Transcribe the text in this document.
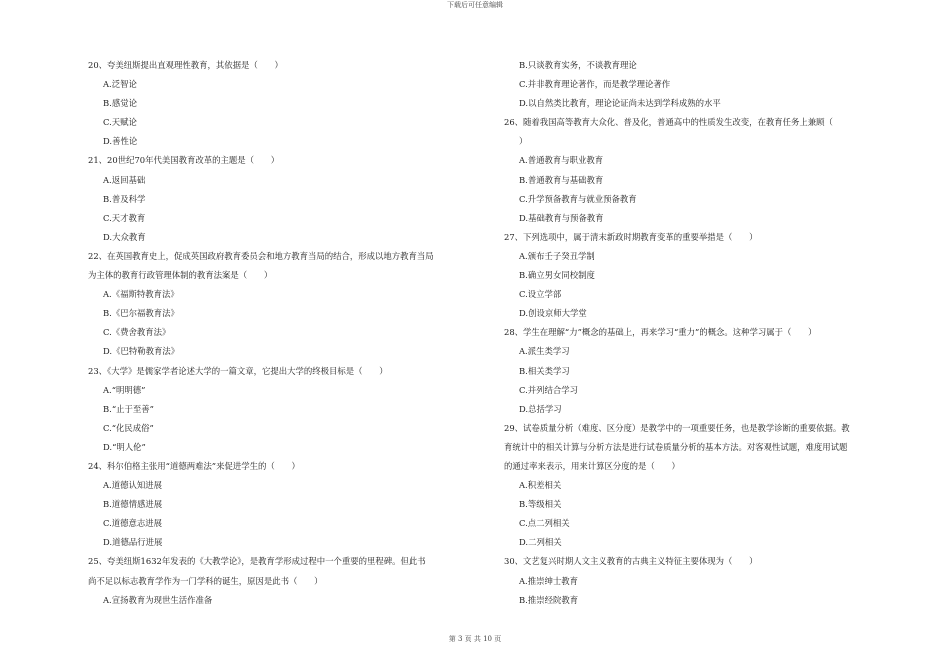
下载后可任意编辑
20、夸美纽斯提出直观理性教育，其依据是（　　）
A.泛智论
B.感觉论
C.天赋论
D.善性论
21、20世纪70年代美国教育改革的主题是（　　）
A.返回基础
B.普及科学
C.天才教育
D.大众教育
22、在英国教育史上，促成英国政府教育委员会和地方教育当局的结合，形成以地方教育当局
为主体的教育行政管理体制的教育法案是（　　）
A.《福斯特教育法》
B.《巴尔福教育法》
C.《费舍教育法》
D.《巴特勒教育法》
23、《大学》是儒家学者论述大学的一篇文章，它提出大学的终极目标是（　　）
A.“明明德”
B.“止于至善”
C.“化民成俗”
D.“明人伦”
24、科尔伯格主张用“道德两难法”来促进学生的（　　）
A.道德认知进展
B.道德情感进展
C.道德意志进展
D.道德品行进展
25、夸美纽斯1632年发表的《大教学论》，是教育学形成过程中一个重要的里程碑。但此书
尚不足以标志教育学作为一门学科的诞生，原因是此书（　　）
A.宣扬教育为现世生活作准备
B.只谈教育实务，不谈教育理论
C.并非教育理论著作，而是教学理论著作
D.以自然类比教育，理论论证尚未达到学科成熟的水平
26、随着我国高等教育大众化、普及化，普通高中的性质发生改变，在教育任务上兼顾（
）
A.普通教育与职业教育
B.普通教育与基础教育
C.升学预备教育与就业预备教育
D.基础教育与预备教育
27、下列选项中，属于清末新政时期教育变革的重要举措是（　　）
A.颁布壬子癸丑学制
B.确立男女同校制度
C.设立学部
D.创设京师大学堂
28、学生在理解“力”概念的基础上，再来学习“重力”的概念。这种学习属于（　　）
A.派生类学习
B.相关类学习
C.并列结合学习
D.总括学习
29、试卷质量分析（难度、区分度）是教学中的一项重要任务，也是教学诊断的重要依据。教
育统计中的相关计算与分析方法是进行试卷质量分析的基本方法。对客观性试题，难度用试题
的通过率来表示，用来计算区分度的是（　　）
A.积差相关
B.等级相关
C.点二列相关
D.二列相关
30、文艺复兴时期人文主义教育的古典主义特征主要体现为（　　）
A.推崇绅士教育
B.推崇经院教育
第 3 页 共 10 页
